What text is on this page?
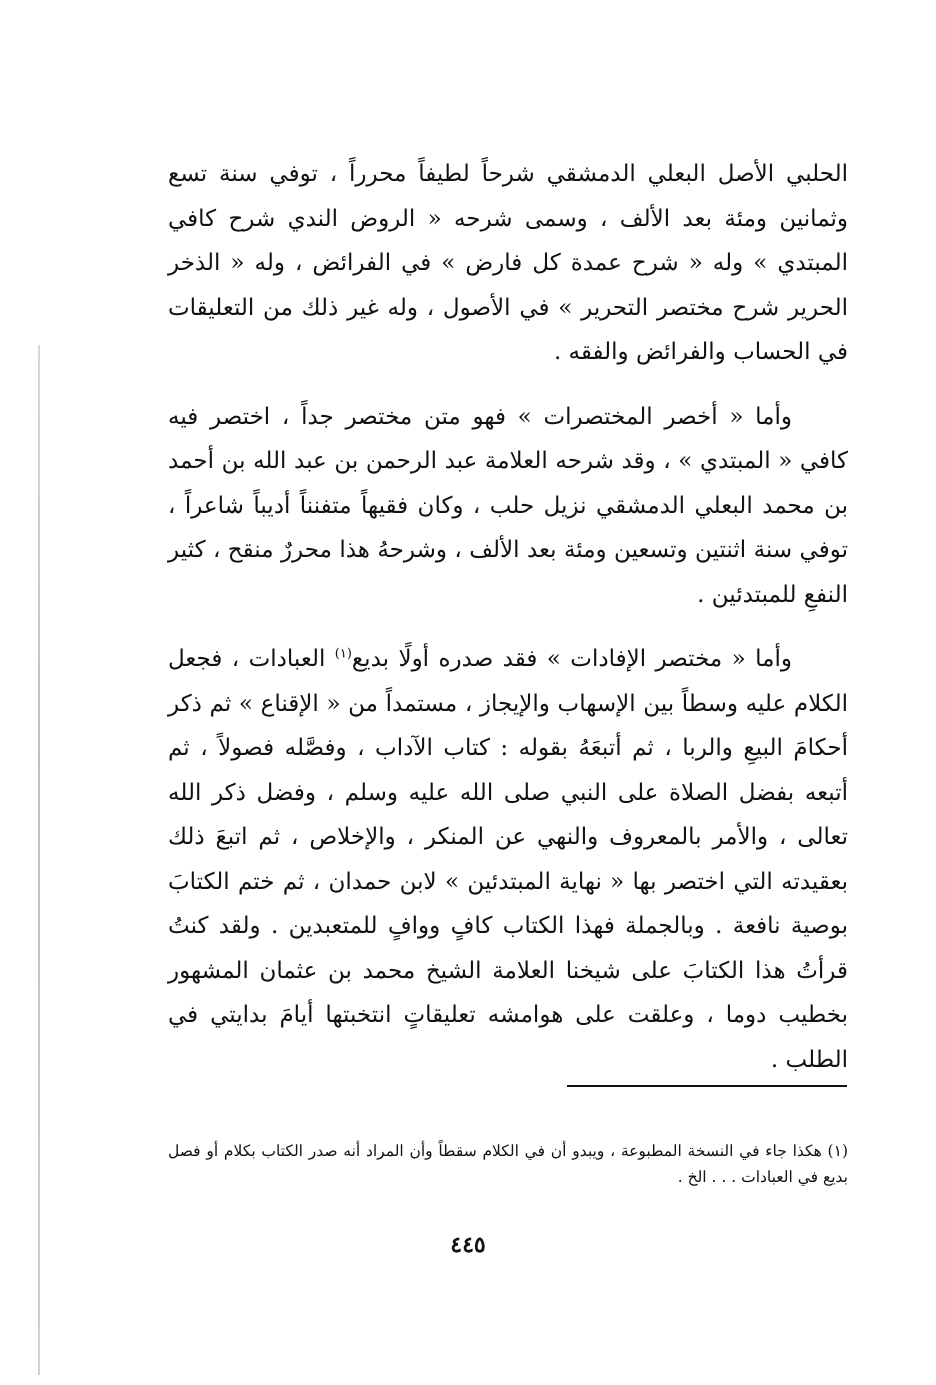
الحلبي الأصل البعلي الدمشقي شرحاً لطيفاً محرراً ، توفي سنة تسع وثمانين ومئة بعد الألف ، وسمى شرحه « الروض الندي شرح كافي المبتدي » وله « شرح عمدة كل فارض » في الفرائض ، وله « الذخر الحرير شرح مختصر التحرير » في الأصول ، وله غير ذلك من التعليقات في الحساب والفرائض والفقه .

وأما « أخصر المختصرات » فهو متن مختصر جداً ، اختصر فيه كافي « المبتدي » ، وقد شرحه العلامة عبد الرحمن بن عبد الله بن أحمد بن محمد البعلي الدمشقي نزيل حلب ، وكان فقيهاً متفنناً أديباً شاعراً ، توفي سنة اثنتين وتسعين ومئة بعد الألف ، وشرحهُ هذا محررٌ منقح ، كثير النفعِ للمبتدئين .

وأما « مختصر الإفادات » فقد صدره أولًا بديع$^{(١)}$ العبادات ، فجعل الكلام عليه وسطاً بين الإسهاب والإيجاز ، مستمداً من « الإقناع » ثم ذكر أحكامَ البيعِ والربا ، ثم أتبعَهُ بقوله : كتاب الآداب ، وفصَّله فصولاً ، ثم أتبعه بفضل الصلاة على النبي صلى الله عليه وسلم ، وفضل ذكر الله تعالى ، والأمر بالمعروف والنهي عن المنكر ، والإخلاص ، ثم اتبعَ ذلك بعقيدته التي اختصر بها « نهاية المبتدئين » لابن حمدان ، ثم ختم الكتابَ بوصية نافعة . وبالجملة فهذا الكتاب كافٍ ووافٍ للمتعبدين . ولقد كنتُ قرأتُ هذا الكتابَ على شيخنا العلامة الشيخ محمد بن عثمان المشهور بخطيب دوما ، وعلقت على هوامشه تعليقاتٍ انتخبتها أيامَ بدايتي في الطلب .

(١) هكذا جاء في النسخة المطبوعة ، ويبدو أن في الكلام سقطاً وأن المراد أنه صدر الكتاب بكلام أو فصل بديع في العبادات . . . الخ .

٤٤٥
